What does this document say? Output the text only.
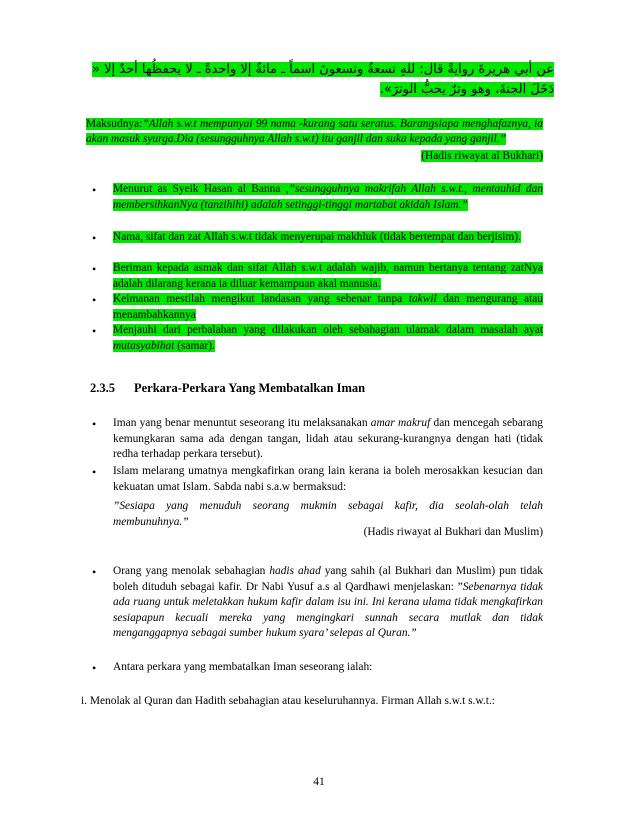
عن أبي هريرةَ روايةً قال: للهِ تسعةٌ وتسعونَ اسماً ـ مائةٌ إلا واحدةً ـ لا يحفظُها أحدٌ إلا «
دَخَلَ الجنةَ، وهو وترٌ يحبُّ الوترَ».
Maksudnya:”Allah s.w.t mempunyai 99 nama -kurang satu seratus. Barangsiapa menghafaznya, ia akan masuk syurga.Dia (sesungguhnya Allah s.w.t) itu ganjil dan suka kepada yang ganjil.”
(Hadis riwayat al Bukhari)
•	Menurut as Syeik Hasan al Banna ,”sesungguhnya makrifah Allah s.w.t., mentauhid dan membersihkanNya (tanzihihi) adalah setinggi-tinggi martabat akidah Islam.”
•	Nama, sifat dan zat Allah s.w.t tidak menyerupai makhluk (tidak bertempat dan berjisim).
•	Beriman kepada asmak dan sifat Allah s.w.t adalah wajib, namun bertanya tentang zatNya adalah dilarang kerana ia diluar kemampuan akal manusia.
•	Keimanan mestilah mengikut landasan yang sebenar tanpa takwil dan mengurang atau menambahkannya
•	Menjauhi dari perbalahan yang dilakukan oleh sebahagian ulamak dalam masalah ayat mutasyabihat (samar).
2.3.5 Perkara-Perkara Yang Membatalkan Iman
•	Iman yang benar menuntut seseorang itu melaksanakan amar makruf dan mencegah sebarang kemungkaran sama ada dengan tangan, lidah atau sekurang-kurangnya dengan hati (tidak redha terhadap perkara tersebut).
•	Islam melarang umatnya mengkafirkan orang lain kerana ia boleh merosakkan kesucian dan kekuatan umat Islam. Sabda nabi s.a.w bermaksud:
”Sesiapa yang menuduh seorang mukmin sebagai kafir, dia seolah-olah telah membunuhnya.”
(Hadis riwayat al Bukhari dan Muslim)
•	Orang yang menolak sebahagian hadis ahad yang sahih (al Bukhari dan Muslim) pun tidak boleh dituduh sebagai kafir. Dr Nabi Yusuf a.s al Qardhawi menjelaskan: ”Sebenarnya tidak ada ruang untuk meletakkan hukum kafir dalam isu ini. Ini kerana ulama tidak mengkafirkan sesiapapun kecuali mereka yang mengingkari sunnah secara mutlak dan tidak menganggapnya sebagai sumber hukum syara’ selepas al Quran.”
•	Antara perkara yang membatalkan Iman seseorang ialah:
i. Menolak al Quran dan Hadith sebahagian atau keseluruhannya. Firman Allah s.w.t s.w.t.:
41
